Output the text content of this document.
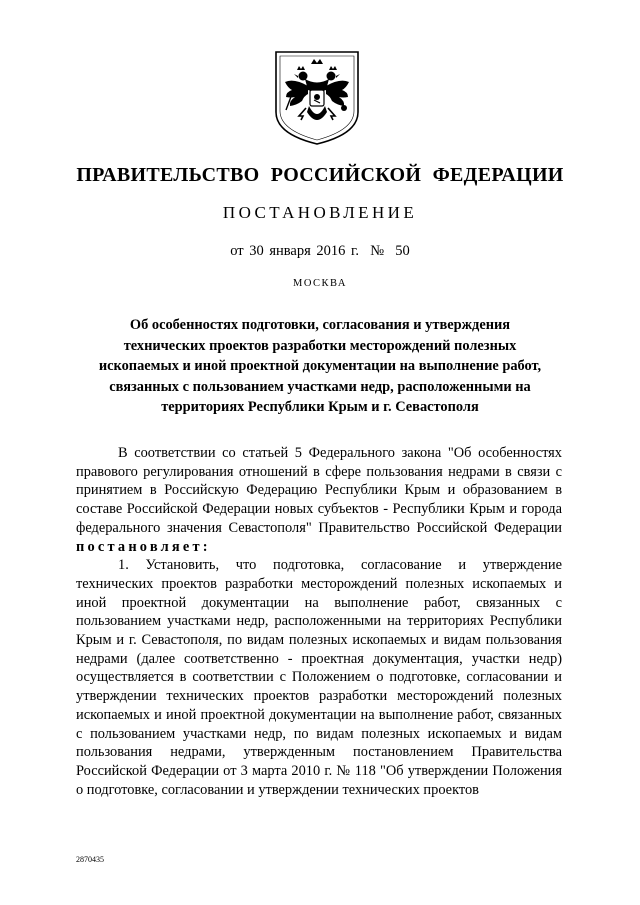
ПРАВИТЕЛЬСТВО РОССИЙСКОЙ ФЕДЕРАЦИИ
ПОСТАНОВЛЕНИЕ
от 30 января 2016 г.  №  50
МОСКВА
Об особенностях подготовки, согласования и утверждения технических проектов разработки месторождений полезных ископаемых и иной проектной документации на выполнение работ, связанных с пользованием участками недр, расположенными на территориях Республики Крым и г. Севастополя

В соответствии со статьей 5 Федерального закона "Об особенностях правового регулирования отношений в сфере пользования недрами в связи с принятием в Российскую Федерацию Республики Крым и образованием в составе Российской Федерации новых субъектов - Республики Крым и города федерального значения Севастополя" Правительство Российской Федерации постановляет:

1. Установить, что подготовка, согласование и утверждение технических проектов разработки месторождений полезных ископаемых и иной проектной документации на выполнение работ, связанных с пользованием участками недр, расположенными на территориях Республики Крым и г. Севастополя, по видам полезных ископаемых и видам пользования недрами (далее соответственно - проектная документация, участки недр) осуществляется в соответствии с Положением о подготовке, согласовании и утверждении технических проектов разработки месторождений полезных ископаемых и иной проектной документации на выполнение работ, связанных с пользованием участками недр, по видам полезных ископаемых и видам пользования недрами, утвержденным постановлением Правительства Российской Федерации от 3 марта 2010 г. № 118 "Об утверждении Положения о подготовке, согласовании и утверждении технических проектов

2870435
